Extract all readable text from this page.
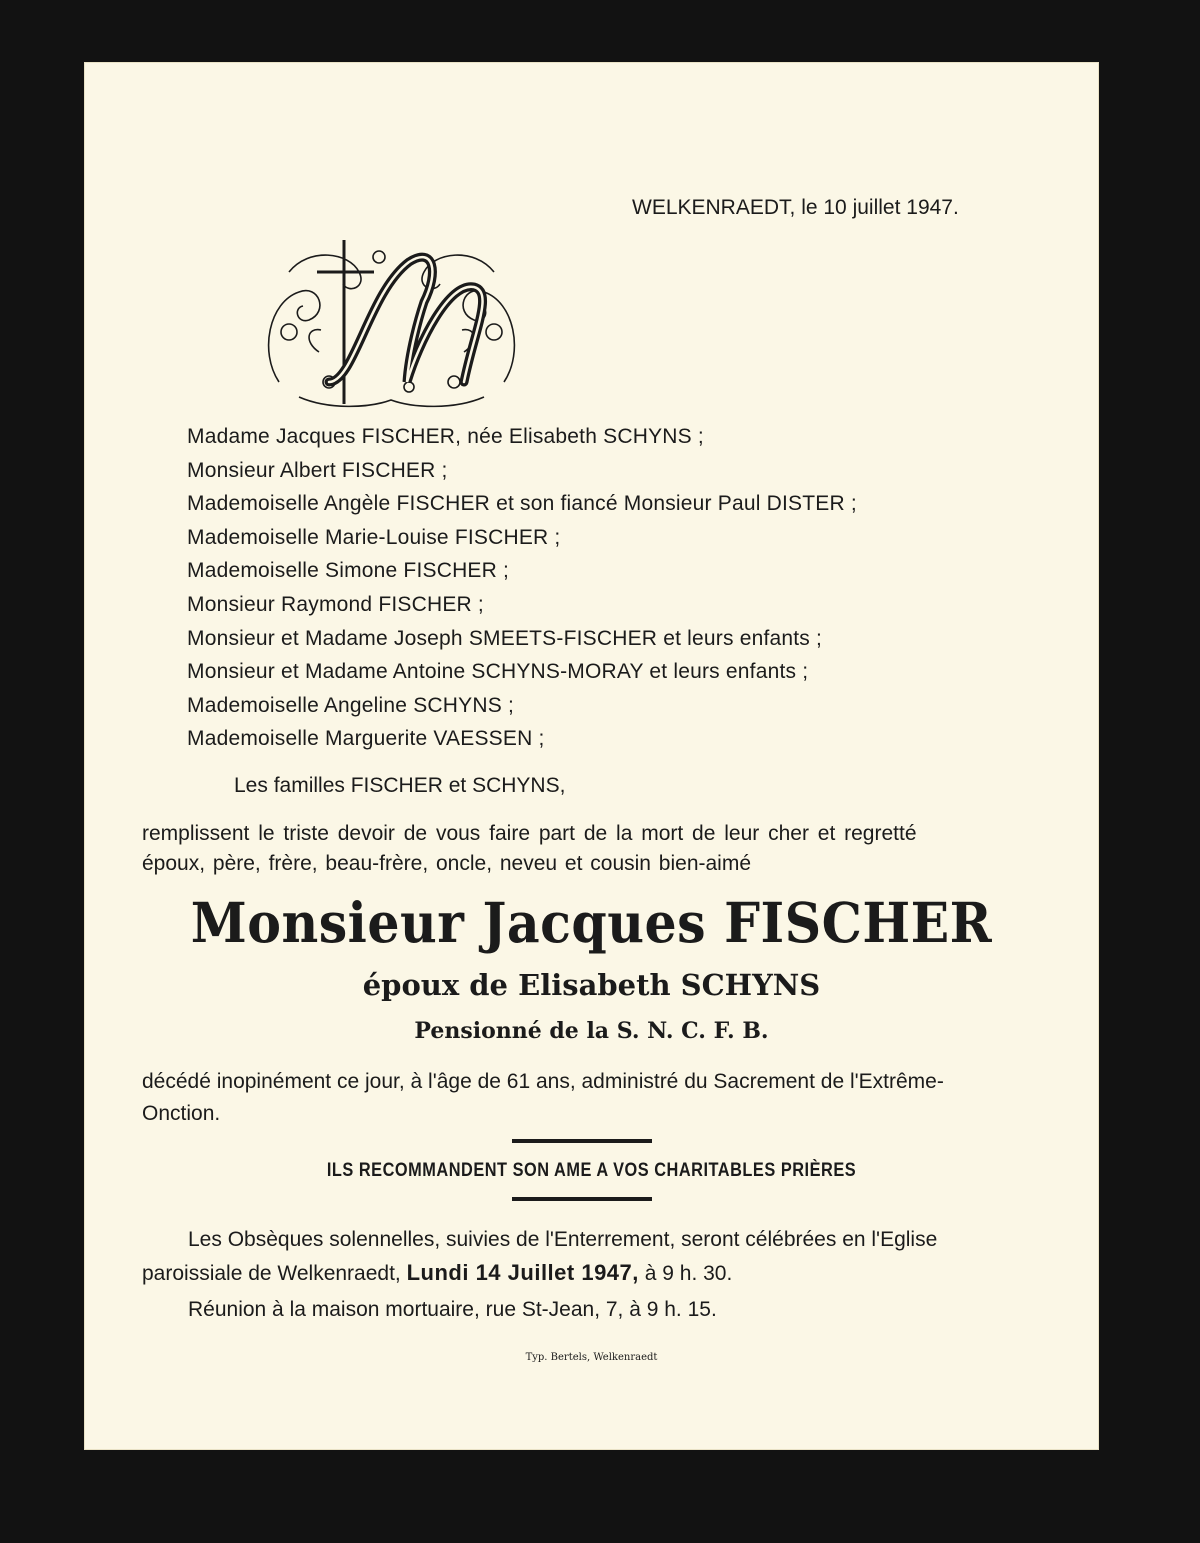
WELKENRAEDT, le 10 juillet 1947.
Madame Jacques FISCHER, née Elisabeth SCHYNS ;
Monsieur Albert FISCHER ;
Mademoiselle Angèle FISCHER et son fiancé Monsieur Paul DISTER ;
Mademoiselle Marie-Louise FISCHER ;
Mademoiselle Simone FISCHER ;
Monsieur Raymond FISCHER ;
Monsieur et Madame Joseph SMEETS-FISCHER et leurs enfants ;
Monsieur et Madame Antoine SCHYNS-MORAY et leurs enfants ;
Mademoiselle Angeline SCHYNS ;
Mademoiselle Marguerite VAESSEN ;
Les familles FISCHER et SCHYNS,
remplissent le triste devoir de vous faire part de la mort de leur cher et regretté
époux, père, frère, beau-frère, oncle, neveu et cousin bien-aimé
Monsieur Jacques FISCHER
époux de Elisabeth SCHYNS
Pensionné de la S. N. C. F. B.
décédé inopinément ce jour, à l'âge de 61 ans, administré du Sacrement de l'Extrême-
Onction.
ILS RECOMMANDENT SON AME A VOS CHARITABLES PRIÈRES
Les Obsèques solennelles, suivies de l'Enterrement, seront célébrées en l'Eglise
paroissiale de Welkenraedt, Lundi 14 Juillet 1947, à 9 h. 30.
Réunion à la maison mortuaire, rue St-Jean, 7, à 9 h. 15.
Typ. Bertels, Welkenraedt
